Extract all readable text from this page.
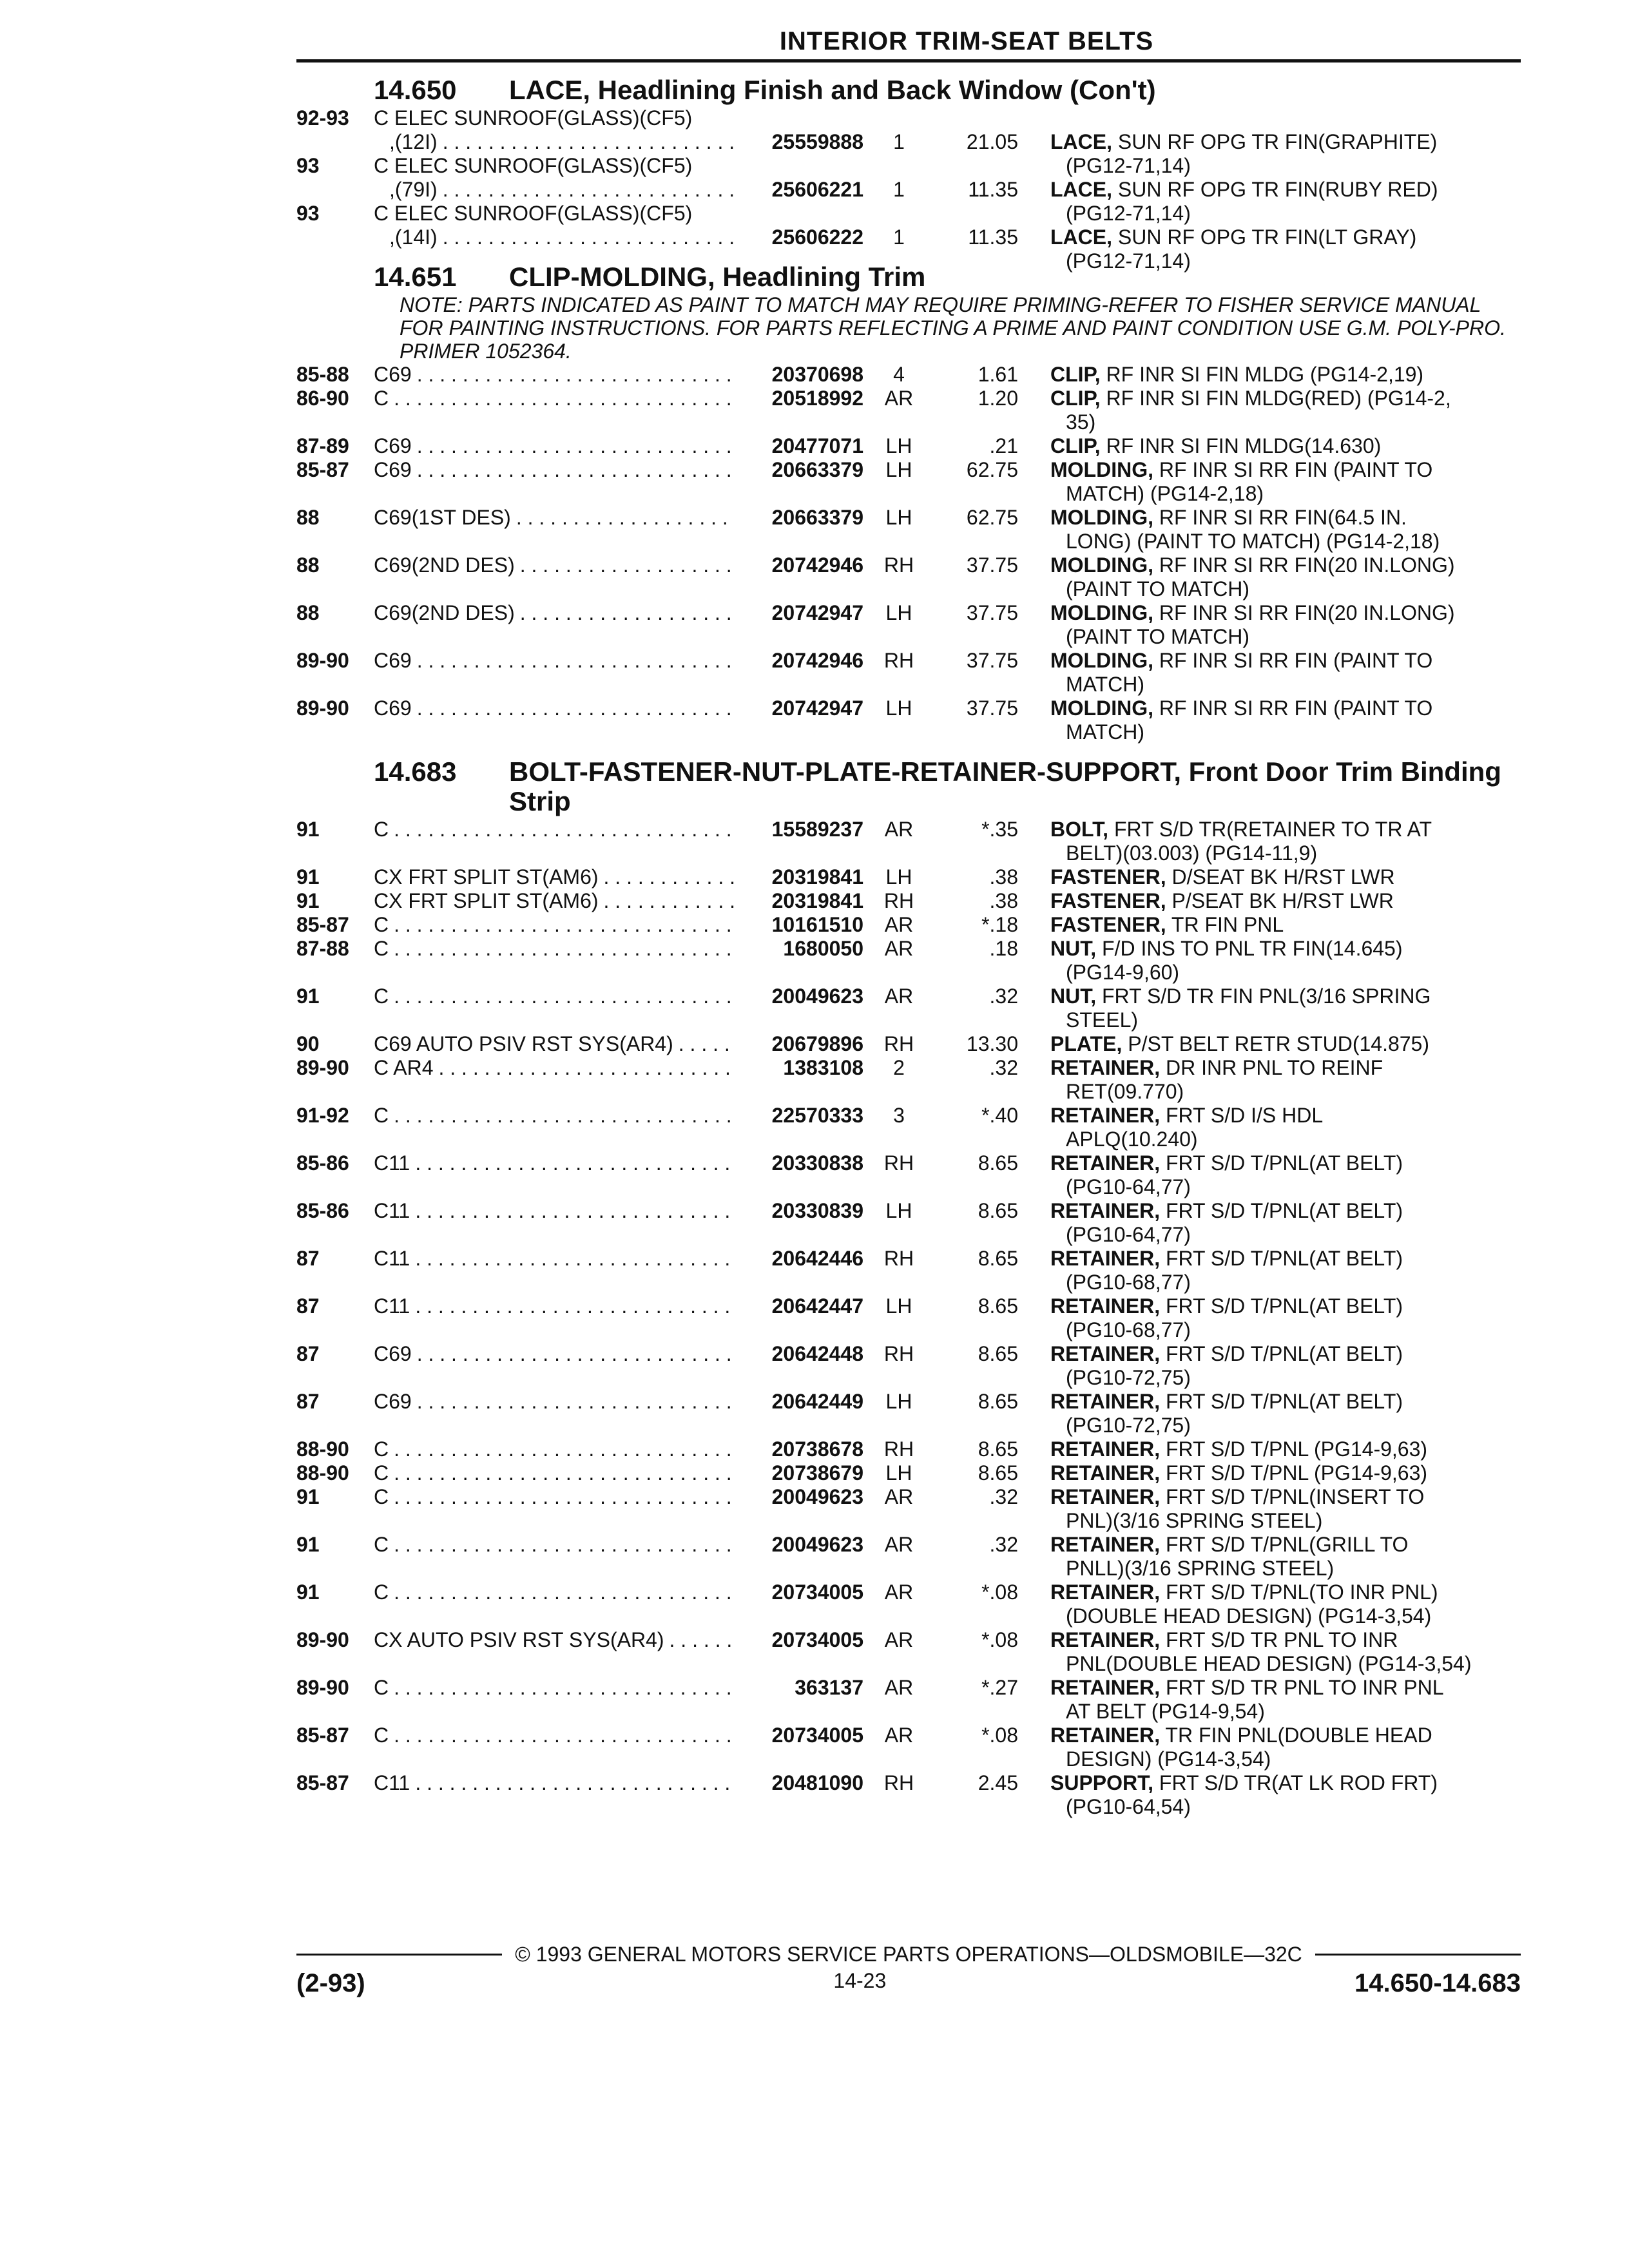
INTERIOR TRIM-SEAT BELTS
14.650 LACE, Headlining Finish and Back Window (Con't)
92-93 C ELEC SUNROOF(GLASS)(CF5)
,(12I) . . .	25559888	1	21.05 LACE, SUN RF OPG TR FIN(GRAPHITE)
(PG12-71,14)
93	C ELEC SUNROOF(GLASS)(CF5)
,(79I) . . .	25606221	1	11.35 LACE, SUN RF OPG TR FIN(RUBY RED)
(PG12-71,14)
93	C ELEC SUNROOF(GLASS)(CF5)
,(14I) . . .	25606222	1	11.35 LACE, SUN RF OPG TR FIN(LT GRAY)
(PG12-71,14)
14.651 CLIP-MOLDING, Headlining Trim
NOTE: PARTS INDICATED AS PAINT TO MATCH MAY REQUIRE PRIMING-REFER TO FISHER SERVICE MANUAL FOR PAINTING INSTRUCTIONS. FOR PARTS REFLECTING A PRIME AND PAINT CONDITION USE G.M. POLY-PRO. PRIMER 1052364.
85-88 C69 . . .	20370698	4	1.61 CLIP, RF INR SI FIN MLDG (PG14-2,19)
86-90 C . . .	20518992	AR	1.20 CLIP, RF INR SI FIN MLDG(RED) (PG14-2,
35)
87-89 C69 . . .	20477071	LH	.21 CLIP, RF INR SI FIN MLDG(14.630)
85-87 C69 . . .	20663379	LH	62.75 MOLDING, RF INR SI RR FIN (PAINT TO
MATCH) (PG14-2,18)
88	C69(1ST DES) . . .	20663379	LH	62.75 MOLDING, RF INR SI RR FIN(64.5 IN.
LONG) (PAINT TO MATCH) (PG14-2,18)
88	C69(2ND DES) . . .	20742946 RH	37.75 MOLDING, RF INR SI RR FIN(20 IN.LONG)
(PAINT TO MATCH)
88	C69(2ND DES) . . .	20742947	LH	37.75 MOLDING, RF INR SI RR FIN(20 IN.LONG)
(PAINT TO MATCH)
89-90 C69 . . .	20742946 RH	37.75 MOLDING, RF INR SI RR FIN (PAINT TO
MATCH)
89-90 C69 . . .	20742947	LH	37.75 MOLDING, RF INR SI RR FIN (PAINT TO
MATCH)
14.683 BOLT-FASTENER-NUT-PLATE-RETAINER-SUPPORT, Front Door Trim Binding Strip
91	C . . .	15589237	AR	*.35 BOLT, FRT S/D TR(RETAINER TO TR AT
BELT)(03.003) (PG14-11,9)
91	CX FRT SPLIT ST(AM6) . . .	20319841	LH	.38 FASTENER, D/SEAT BK H/RST LWR
91	CX FRT SPLIT ST(AM6) . . .	20319841 RH	.38 FASTENER, P/SEAT BK H/RST LWR
85-87 C . . .	10161510	AR	*.18 FASTENER, TR FIN PNL
87-88 C . . .	1680050	AR	.18 NUT, F/D INS TO PNL TR FIN(14.645)
(PG14-9,60)
91	C . . .	20049623	AR	.32 NUT, FRT S/D TR FIN PNL(3/16 SPRING
STEEL)
90	C69 AUTO PSIV RST SYS(AR4) . . .	20679896 RH	13.30 PLATE, P/ST BELT RETR STUD(14.875)
89-90 C AR4 . . .	1383108	2	.32 RETAINER, DR INR PNL TO REINF
RET(09.770)
91-92 C . . .	22570333	3	*.40 RETAINER, FRT S/D I/S HDL
APLQ(10.240)
85-86 C11 . . .	20330838 RH	8.65 RETAINER, FRT S/D T/PNL(AT BELT)
(PG10-64,77)
85-86 C11 . . .	20330839	LH	8.65 RETAINER, FRT S/D T/PNL(AT BELT)
(PG10-64,77)
87	C11 . . .	20642446 RH	8.65 RETAINER, FRT S/D T/PNL(AT BELT)
(PG10-68,77)
87	C11 . . .	20642447	LH	8.65 RETAINER, FRT S/D T/PNL(AT BELT)
(PG10-68,77)
87	C69 . . .	20642448 RH	8.65 RETAINER, FRT S/D T/PNL(AT BELT)
(PG10-72,75)
87	C69 . . .	20642449	LH	8.65 RETAINER, FRT S/D T/PNL(AT BELT)
(PG10-72,75)
88-90 C . . .	20738678 RH	8.65 RETAINER, FRT S/D T/PNL (PG14-9,63)
88-90 C . . .	20738679	LH	8.65 RETAINER, FRT S/D T/PNL (PG14-9,63)
91	C . . .	20049623	AR	.32 RETAINER, FRT S/D T/PNL(INSERT TO
PNL)(3/16 SPRING STEEL)
91	C . . .	20049623	AR	.32 RETAINER, FRT S/D T/PNL(GRILL TO
PNLL)(3/16 SPRING STEEL)
91	C . . .	20734005	AR	*.08 RETAINER, FRT S/D T/PNL(TO INR PNL)
(DOUBLE HEAD DESIGN) (PG14-3,54)
89-90 CX AUTO PSIV RST SYS(AR4) . . .	20734005	AR	*.08 RETAINER, FRT S/D TR PNL TO INR
PNL(DOUBLE HEAD DESIGN) (PG14-3,54)
89-90 C . . .	363137	AR	*.27 RETAINER, FRT S/D TR PNL TO INR PNL
AT BELT (PG14-9,54)
85-87 C . . .	20734005	AR	*.08 RETAINER, TR FIN PNL(DOUBLE HEAD
DESIGN) (PG14-3,54)
85-87 C11 . . .	20481090 RH	2.45 SUPPORT, FRT S/D TR(AT LK ROD FRT)
(PG10-64,54)
© 1993 GENERAL MOTORS SERVICE PARTS OPERATIONS—OLDSMOBILE—32C
(2-93)	14-23	14.650-14.683
